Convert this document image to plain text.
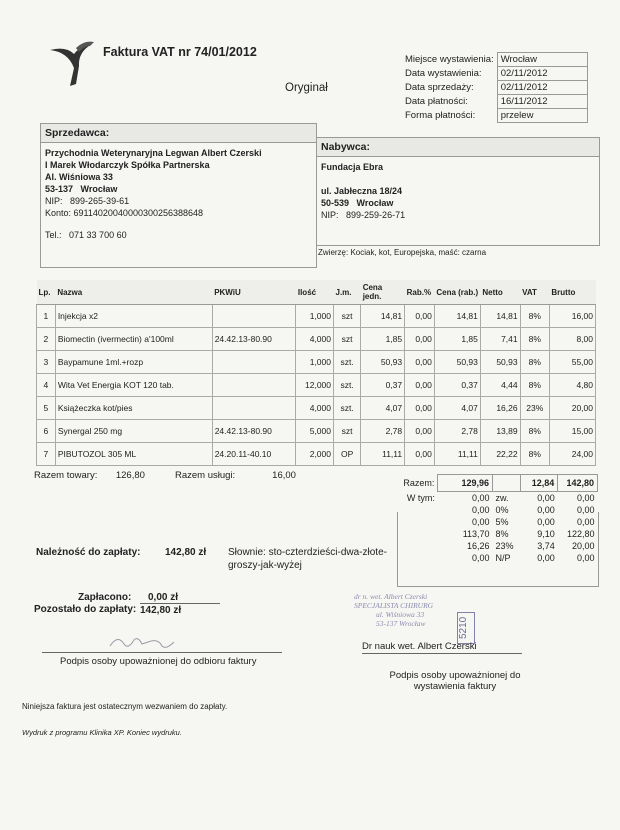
Faktura VAT nr 74/01/2012
Oryginał
Miejsce wystawienia:	Wrocław
Data wystawienia:	02/11/2012
Data sprzedaży:	02/11/2012
Data płatności:	16/11/2012
Forma płatności:	przelew
Sprzedawca:
Przychodnia Weterynaryjna Legwan Albert Czerski
I Marek Włodarczyk Spółka Partnerska
Al. Wiśniowa 33
53-137 Wrocław
NIP: 899-265-39-61
Konto: 69114020040000300256388648
Tel.: 071 33 700 60
Nabywca:
Fundacja Ebra
ul. Jabłeczna 18/24
50-539 Wrocław
NIP: 899-259-26-71
Zwierzę: Kociak, kot, Europejska, maść: czarna
Lp.	Nazwa	PKWiU	Ilość	J.m.	Cena jedn.	Rab.%	Cena (rab.)	Netto	VAT	Brutto
1	Injekcja x2		1,000	szt	14,81	0,00	14,81	14,81	8%	16,00
2	Biomectin (ivermectin) a'100ml	24.42.13-80.90	4,000	szt	1,85	0,00	1,85	7,41	8%	8,00
3	Baypamune 1ml.+rozp		1,000	szt.	50,93	0,00	50,93	50,93	8%	55,00
4	Wita Vet Energia KOT 120 tab.		12,000	szt.	0,37	0,00	0,37	4,44	8%	4,80
5	Książeczka kot/pies		4,000	szt.	4,07	0,00	4,07	16,26	23%	20,00
6	Synergal 250 mg	24.42.13-80.90	5,000	szt	2,78	0,00	2,78	13,89	8%	15,00
7	PIBUTOZOL 305 ML	24.20.11-40.10	2,000	OP	11,11	0,00	11,11	22,22	8%	24,00
Razem towary: 126,80	Razem usługi:	16,00
Razem:	129,96		12,84	142,80
W tym:	0,00	zw.	0,00	0,00
	0,00	0%	0,00	0,00
	0,00	5%	0,00	0,00
	113,70	8%	9,10	122,80
	16,26	23%	3,74	20,00
	0,00	N/P	0,00	0,00
Należność do zapłaty: 142,80 zł Słownie: sto-czterdzieści-dwa-złote-
groszy-jak-wyżej
Zapłacono: 0,00 zł
Pozostało do zapłaty: 142,80 zł
Podpis osoby upoważnionej do odbioru faktury
dr n. wet. Albert Czerski
SPECJALISTA CHIRURG
ul. Wiśniowa 33
53-137 Wrocław	5210
Dr nauk wet. Albert Czerski
Podpis osoby upoważnionej do
wystawienia faktury
Niniejsza faktura jest ostatecznym wezwaniem do zapłaty.
Wydruk z programu Klinika XP. Koniec wydruku.
